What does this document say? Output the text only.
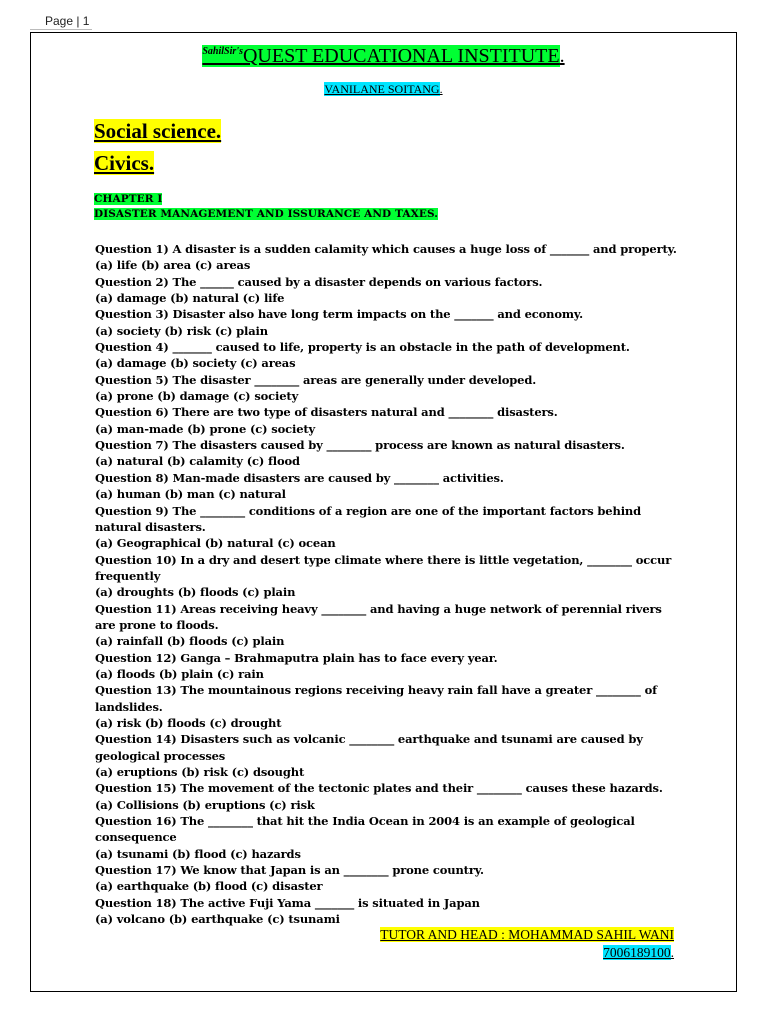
Page | 1
$^{SahilSir's}$QUEST EDUCATIONAL INSTITUTE.
VANILANE SOITANG.
Social science.
Civics.
CHAPTER I
DISASTER MANAGEMENT AND ISSURANCE AND TAXES.
Question 1) A disaster is a sudden calamity which causes a huge loss of _______ and property.
(a) life (b) area (c) areas
Question 2) The ______ caused by a disaster depends on various factors.
(a) damage (b) natural (c) life
Question 3) Disaster also have long term impacts on the _______ and economy.
(a) society (b) risk (c) plain
Question 4) _______ caused to life, property is an obstacle in the path of development.
(a) damage (b) society (c) areas
Question 5) The disaster ________ areas are generally under developed.
(a) prone (b) damage (c) society
Question 6) There are two type of disasters natural and ________ disasters.
(a) man-made (b) prone (c) society
Question 7) The disasters caused by ________ process are known as natural disasters.
(a) natural (b) calamity (c) flood
Question 8) Man-made disasters are caused by ________ activities.
(a) human (b) man (c) natural
Question 9) The ________ conditions of a region are one of the important factors behind natural disasters.
(a) Geographical (b) natural (c) ocean
Question 10) In a dry and desert type climate where there is little vegetation, ________ occur frequently
(a) droughts (b) floods (c) plain
Question 11) Areas receiving heavy ________ and having a huge network of perennial rivers are prone to floods.
(a) rainfall (b) floods (c) plain
Question 12) Ganga – Brahmaputra plain has to face every year.
(a) floods (b) plain (c) rain
Question 13) The mountainous regions receiving heavy rain fall have a greater ________ of landslides.
(a) risk (b) floods (c) drought
Question 14) Disasters such as volcanic ________ earthquake and tsunami are caused by geological processes
(a) eruptions (b) risk (c) dsought
Question 15) The movement of the tectonic plates and their ________ causes these hazards.
(a) Collisions (b) eruptions (c) risk
Question 16) The ________ that hit the India Ocean in 2004 is an example of geological consequence
(a) tsunami (b) flood (c) hazards
Question 17) We know that Japan is an ________ prone country.
(a) earthquake (b) flood (c) disaster
Question 18) The active Fuji Yama _______ is situated in Japan
(a) volcano (b) earthquake (c) tsunami
TUTOR AND HEAD : MOHAMMAD SAHIL WANI
7006189100.
